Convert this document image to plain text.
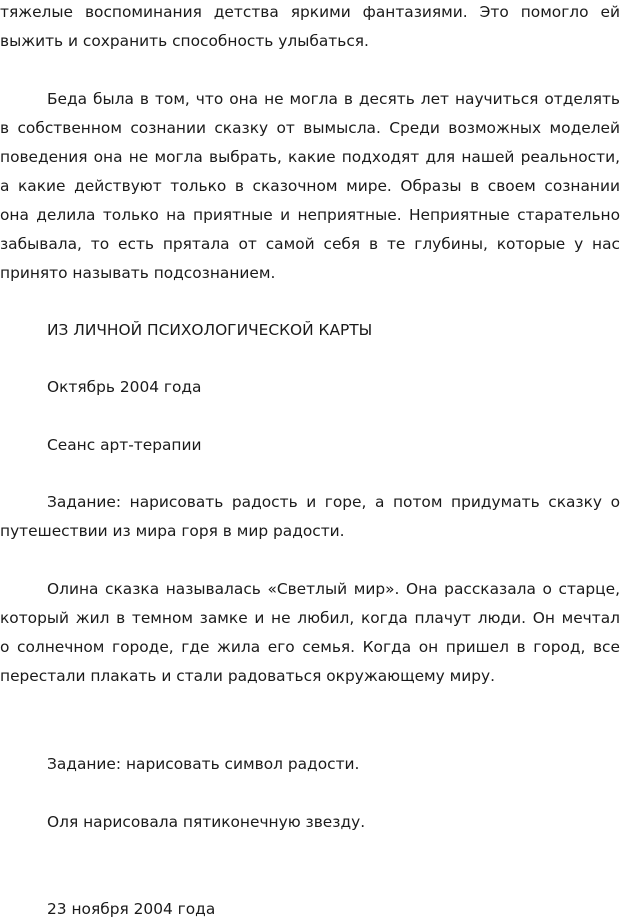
тяжелые воспоминания детства яркими фантазиями. Это помогло ей
выжить и сохранить способность улыбаться.
Беда была в том, что она не могла в десять лет научиться отделять
в собственном сознании сказку от вымысла. Среди возможных моделей
поведения она не могла выбрать, какие подходят для нашей реальности,
а какие действуют только в сказочном мире. Образы в своем сознании
она делила только на приятные и неприятные. Неприятные старательно
забывала, то есть прятала от самой себя в те глубины, которые у нас
принято называть подсознанием.
ИЗ ЛИЧНОЙ ПСИХОЛОГИЧЕСКОЙ КАРТЫ
Октябрь 2004 года
Сеанс арт-терапии
Задание: нарисовать радость и горе, а потом придумать сказку о
путешествии из мира горя в мир радости.
Олина сказка называлась «Светлый мир». Она рассказала о старце,
который жил в темном замке и не любил, когда плачут люди. Он мечтал
о солнечном городе, где жила его семья. Когда он пришел в город, все
перестали плакать и стали радоваться окружающему миру.
Задание: нарисовать символ радости.
Оля нарисовала пятиконечную звезду.
23 ноября 2004 года
